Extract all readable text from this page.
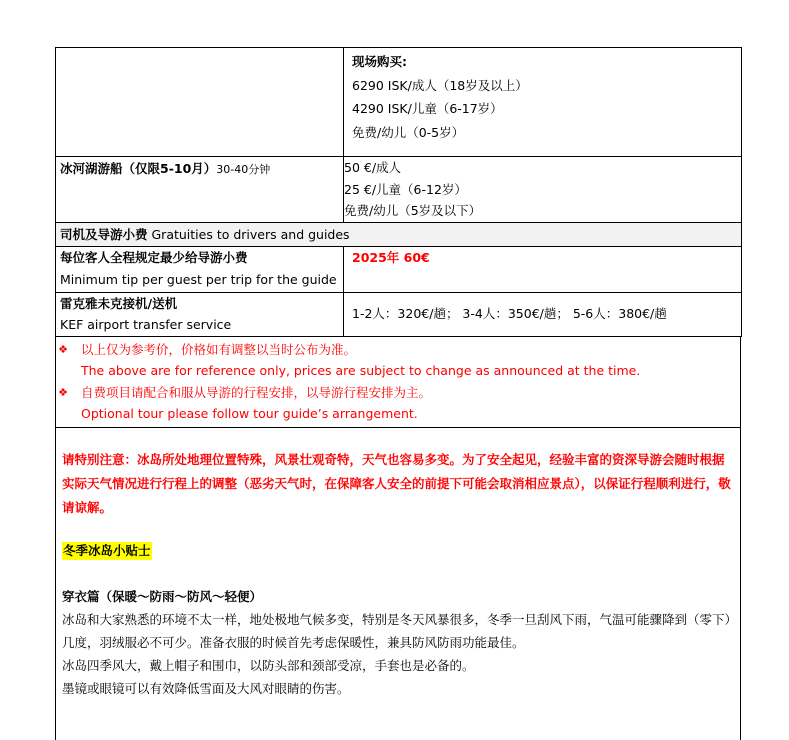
	现场购买:
6290 ISK/成人（18岁及以上）
4290 ISK/儿童（6-17岁）
免费/幼儿（0-5岁）

冰河湖游船（仅限5-10月）30-40分钟	50 €/成人
25 €/儿童（6-12岁）
免费/幼儿（5岁及以下）

司机及导游小费 Gratuities to drivers and guides	

每位客人全程规定最少给导游小费
Minimum tip per guest per trip for the guide	2025年 60€

雷克雅未克接机/送机
KEF airport transfer service	1-2人：320€/趟； 3-4人：350€/趟； 5-6人：380€/趟
❖ 以上仅为参考价，价格如有调整以当时公布为准。
The above are for reference only, prices are subject to change as announced at the time.
❖ 自费项目请配合和服从导游的行程安排，以导游行程安排为主。
Optional tour please follow tour guide’s arrangement.
请特别注意：冰岛所处地理位置特殊，风景壮观奇特，天气也容易多变。为了安全起见，经验丰富的资深导游会随时根据实际天气情况进行行程上的调整（恶劣天气时，在保障客人安全的前提下可能会取消相应景点），以保证行程顺利进行，敬请谅解。
冬季冰岛小贴士
穿衣篇（保暖～防雨～防风～轻便）
冰岛和大家熟悉的环境不太一样，地处极地气候多变，特别是冬天风暴很多，冬季一旦刮风下雨，气温可能骤降到（零下）几度，羽绒服必不可少。准备衣服的时候首先考虑保暖性，兼具防风防雨功能最佳。
冰岛四季风大，戴上帽子和围巾，以防头部和颈部受凉，手套也是必备的。
墨镜或眼镜可以有效降低雪面及大风对眼睛的伤害。
